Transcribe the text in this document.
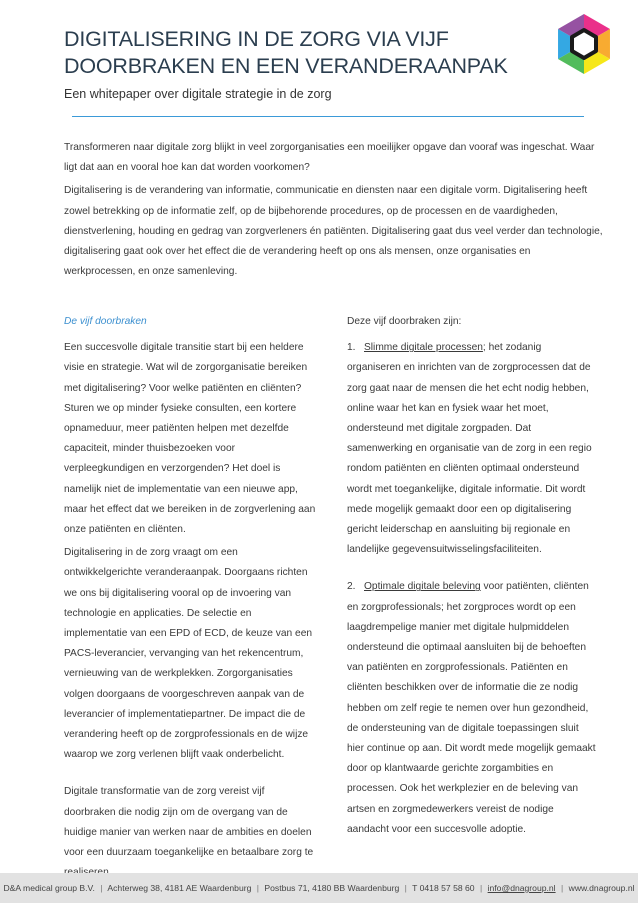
DIGITALISERING IN DE ZORG VIA VIJF
DOORBRAKEN EN EEN VERANDERAANPAK

Een whitepaper over digitale strategie in de zorg

Transformeren naar digitale zorg blijkt in veel zorgorganisaties een moeilijker opgave dan vooraf was ingeschat. Waar ligt dat aan en vooral hoe kan dat worden voorkomen?

Digitalisering is de verandering van informatie, communicatie en diensten naar een digitale vorm. Digitalisering heeft zowel betrekking op de informatie zelf, op de bijbehorende procedures, op de processen en de vaardigheden, dienstverlening, houding en gedrag van zorgverleners én patiënten. Digitalisering gaat dus veel verder dan technologie, digitalisering gaat ook over het effect die de verandering heeft op ons als mensen, onze organisaties en werkprocessen, en onze samenleving.

De vijf doorbraken

Een succesvolle digitale transitie start bij een heldere visie en strategie. Wat wil de zorgorganisatie bereiken met digitalisering? Voor welke patiënten en cliënten? Sturen we op minder fysieke consulten, een kortere opnameduur, meer patiënten helpen met dezelfde capaciteit, minder thuisbezoeken voor verpleegkundigen en verzorgenden? Het doel is namelijk niet de implementatie van een nieuwe app, maar het effect dat we bereiken in de zorgverlening aan onze patiënten en cliënten.

Digitalisering in de zorg vraagt om een ontwikkelgerichte veranderaanpak. Doorgaans richten we ons bij digitalisering vooral op de invoering van technologie en applicaties. De selectie en implementatie van een EPD of ECD, de keuze van een PACS-leverancier, vervanging van het rekencentrum, vernieuwing van de werkplekken. Zorgorganisaties volgen doorgaans de voorgeschreven aanpak van de leverancier of implementatiepartner. De impact die de verandering heeft op de zorgprofessionals en de wijze waarop we zorg verlenen blijft vaak onderbelicht.

Digitale transformatie van de zorg vereist vijf doorbraken die nodig zijn om de overgang van de huidige manier van werken naar de ambities en doelen voor een duurzaam toegankelijke en betaalbare zorg te

Deze vijf doorbraken zijn:

1. Slimme digitale processen; het zodanig organiseren en inrichten van de zorgprocessen dat de zorg gaat naar de mensen die het echt nodig hebben, online waar het kan en fysiek waar het moet, ondersteund met digitale zorgpaden. Dat samenwerking en organisatie van de zorg in een regio rondom patiënten en cliënten optimaal ondersteund wordt met toegankelijke, digitale informatie. Dit wordt mede mogelijk gemaakt door een op digitalisering gericht leiderschap en aansluiting bij regionale en landelijke gegevensuitwisselingsfaciliteiten.

2. Optimale digitale beleving voor patiënten, cliënten en zorgprofessionals; het zorgproces wordt op een laagdrempelige manier met digitale hulpmiddelen ondersteund die optimaal aansluiten bij de behoeften van patiënten en zorgprofessionals. Patiënten en cliënten beschikken over de informatie die ze nodig hebben om zelf regie te nemen over hun gezondheid, de ondersteuning van de digitale toepassingen sluit hier continue op aan. Dit wordt mede mogelijk gemaakt door op klantwaarde gerichte zorgambities en processen. Ook het werkplezier en de beleving van artsen en zorgmedewerkers vereist de nodige aandacht voor een succesvolle adoptie.

D&A medical group B.V. | Achterweg 38, 4181 AE Waardenburg | Postbus 71, 4180 BB Waardenburg | T 0418 57 58 60 | info@dnagroup.nl | www.dnagroup.nl
